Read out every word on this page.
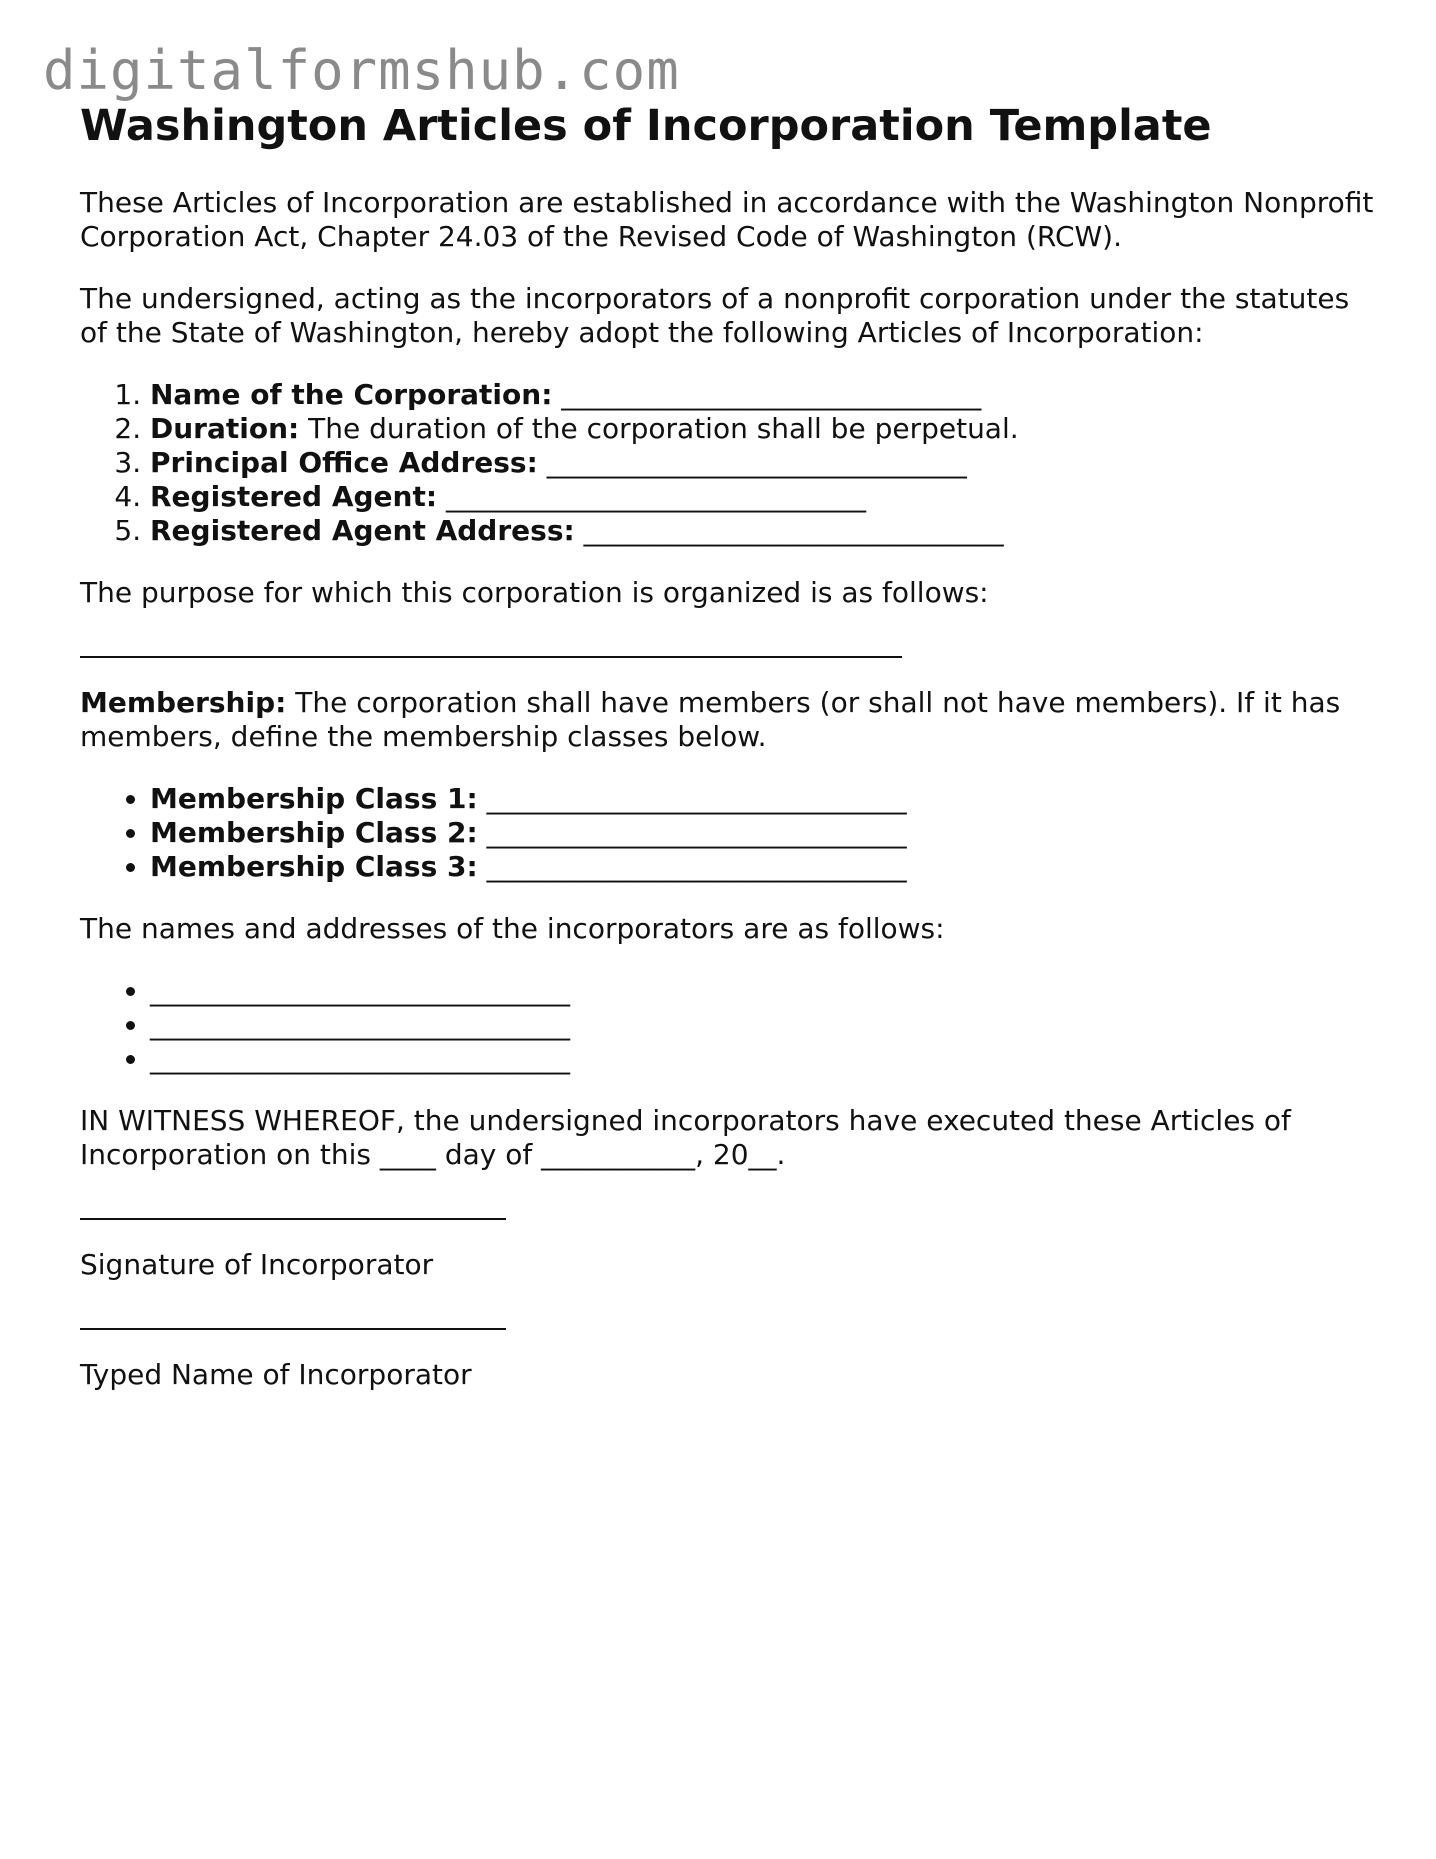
digitalformshub.com
Washington Articles of Incorporation Template

These Articles of Incorporation are established in accordance with the Washington Nonprofit Corporation Act, Chapter 24.03 of the Revised Code of Washington (RCW).

The undersigned, acting as the incorporators of a nonprofit corporation under the statutes of the State of Washington, hereby adopt the following Articles of Incorporation:

1. Name of the Corporation: ______________________________
2. Duration: The duration of the corporation shall be perpetual.
3. Principal Office Address: ______________________________
4. Registered Agent: ______________________________
5. Registered Agent Address: ______________________________

The purpose for which this corporation is organized is as follows:

Membership: The corporation shall have members (or shall not have members). If it has members, define the membership classes below.

• Membership Class 1: ______________________________
• Membership Class 2: ______________________________
• Membership Class 3: ______________________________

The names and addresses of the incorporators are as follows:

• ______________________________
• ______________________________
• ______________________________

IN WITNESS WHEREOF, the undersigned incorporators have executed these Articles of Incorporation on this ____ day of ___________, 20__.

Signature of Incorporator

Typed Name of Incorporator
